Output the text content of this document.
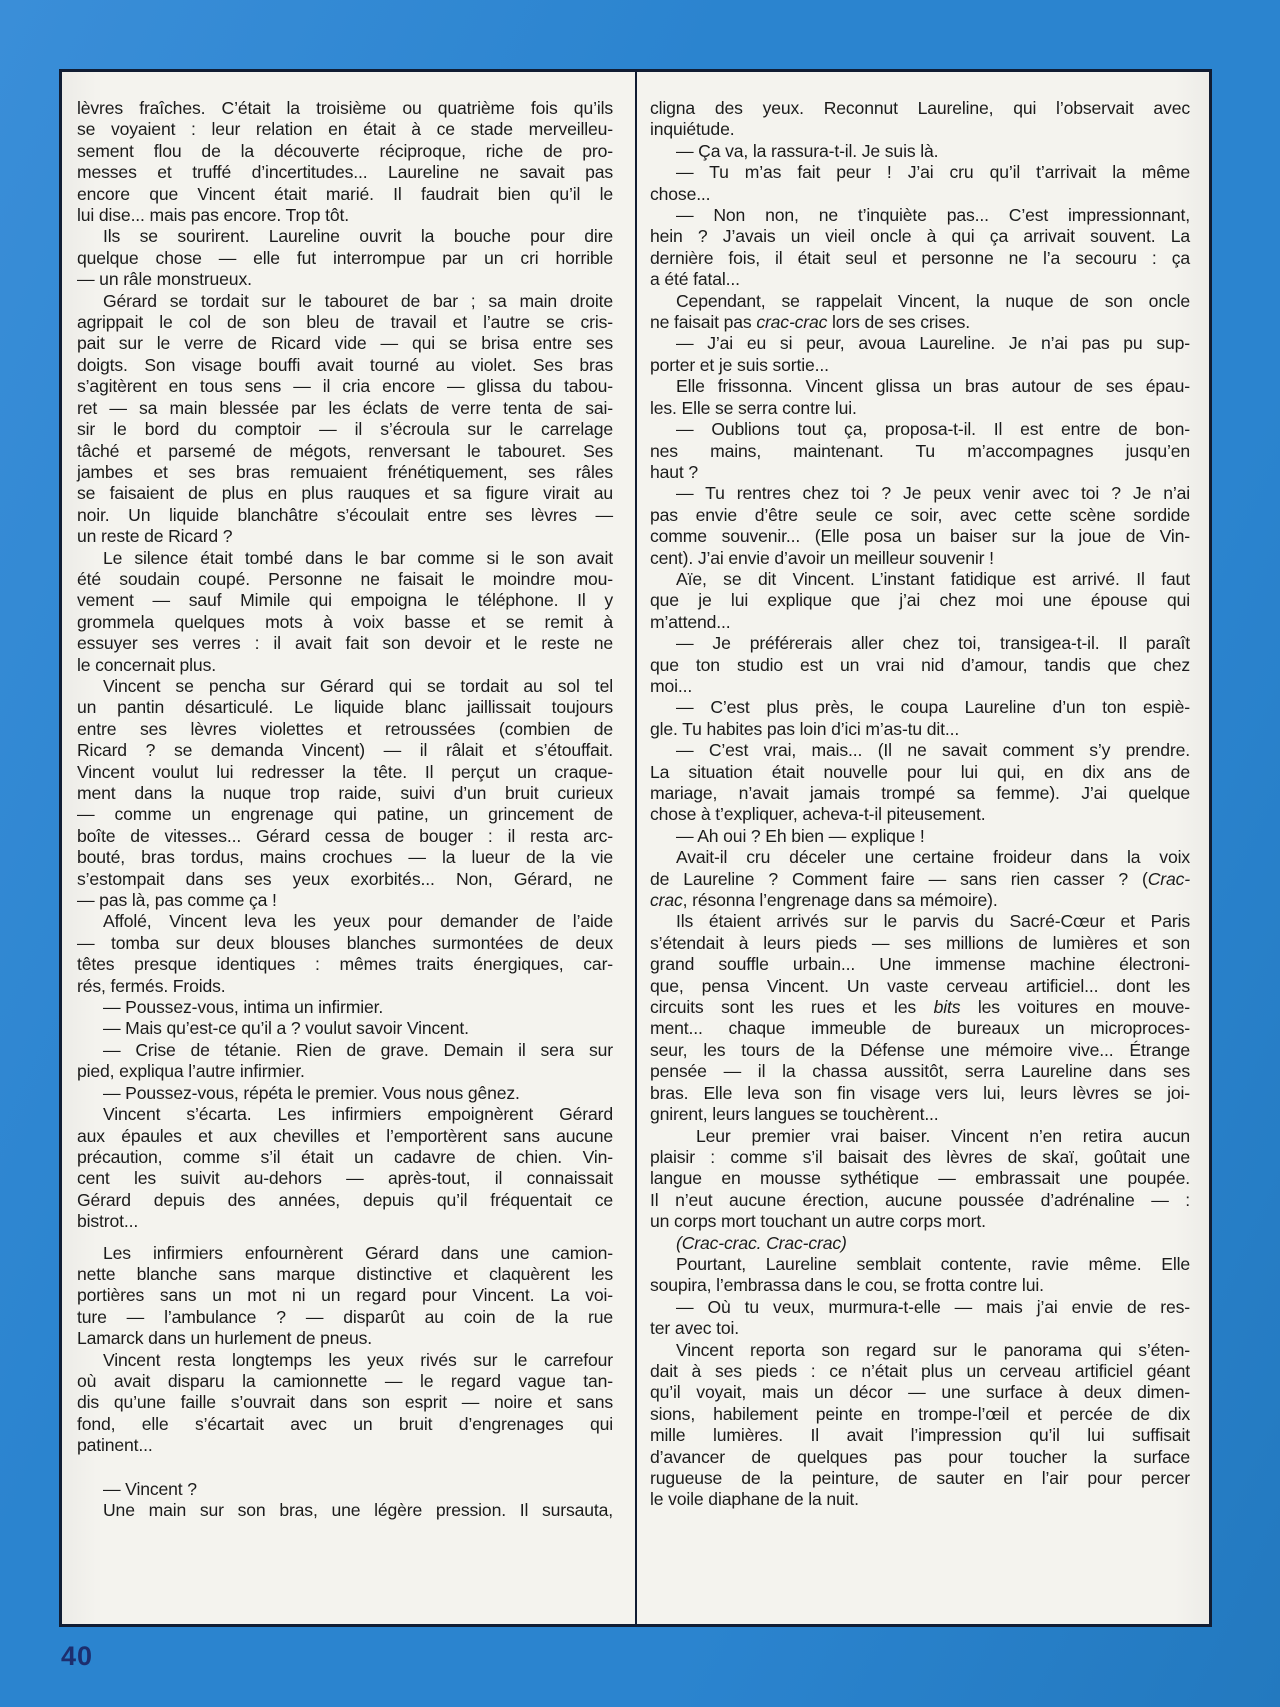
lèvres fraîches. C’était la troisième ou quatrième fois qu’ils
se voyaient : leur relation en était à ce stade merveilleu-
sement flou de la découverte réciproque, riche de pro-
messes et truffé d’incertitudes... Laureline ne savait pas
encore que Vincent était marié. Il faudrait bien qu’il le
lui dise... mais pas encore. Trop tôt.
Ils se sourirent. Laureline ouvrit la bouche pour dire
quelque chose — elle fut interrompue par un cri horrible
— un râle monstrueux.
Gérard se tordait sur le tabouret de bar ; sa main droite
agrippait le col de son bleu de travail et l’autre se cris-
pait sur le verre de Ricard vide — qui se brisa entre ses
doigts. Son visage bouffi avait tourné au violet. Ses bras
s’agitèrent en tous sens — il cria encore — glissa du tabou-
ret — sa main blessée par les éclats de verre tenta de sai-
sir le bord du comptoir — il s’écroula sur le carrelage
tâché et parsemé de mégots, renversant le tabouret. Ses
jambes et ses bras remuaient frénétiquement, ses râles
se faisaient de plus en plus rauques et sa figure virait au
noir. Un liquide blanchâtre s’écoulait entre ses lèvres —
un reste de Ricard ?
Le silence était tombé dans le bar comme si le son avait
été soudain coupé. Personne ne faisait le moindre mou-
vement — sauf Mimile qui empoigna le téléphone. Il y
grommela quelques mots à voix basse et se remit à
essuyer ses verres : il avait fait son devoir et le reste ne
le concernait plus.
Vincent se pencha sur Gérard qui se tordait au sol tel
un pantin désarticulé. Le liquide blanc jaillissait toujours
entre ses lèvres violettes et retroussées (combien de
Ricard ? se demanda Vincent) — il râlait et s’étouffait.
Vincent voulut lui redresser la tête. Il perçut un craque-
ment dans la nuque trop raide, suivi d’un bruit curieux
— comme un engrenage qui patine, un grincement de
boîte de vitesses... Gérard cessa de bouger : il resta arc-
bouté, bras tordus, mains crochues — la lueur de la vie
s’estompait dans ses yeux exorbités... Non, Gérard, ne
— pas là, pas comme ça !
Affolé, Vincent leva les yeux pour demander de l’aide
— tomba sur deux blouses blanches surmontées de deux
têtes presque identiques : mêmes traits énergiques, car-
rés, fermés. Froids.
— Poussez-vous, intima un infirmier.
— Mais qu’est-ce qu’il a ? voulut savoir Vincent.
— Crise de tétanie. Rien de grave. Demain il sera sur
pied, expliqua l’autre infirmier.
— Poussez-vous, répéta le premier. Vous nous gênez.
Vincent s’écarta. Les infirmiers empoignèrent Gérard
aux épaules et aux chevilles et l’emportèrent sans aucune
précaution, comme s’il était un cadavre de chien. Vin-
cent les suivit au-dehors — après-tout, il connaissait
Gérard depuis des années, depuis qu’il fréquentait ce
bistrot...
Les infirmiers enfournèrent Gérard dans une camion-
nette blanche sans marque distinctive et claquèrent les
portières sans un mot ni un regard pour Vincent. La voi-
ture — l’ambulance ? — disparût au coin de la rue
Lamarck dans un hurlement de pneus.
Vincent resta longtemps les yeux rivés sur le carrefour
où avait disparu la camionnette — le regard vague tan-
dis qu’une faille s’ouvrait dans son esprit — noire et sans
fond, elle s’écartait avec un bruit d’engrenages qui
patinent...
— Vincent ?
Une main sur son bras, une légère pression. Il sursauta,
cligna des yeux. Reconnut Laureline, qui l’observait avec
inquiétude.
— Ça va, la rassura-t-il. Je suis là.
— Tu m’as fait peur ! J’ai cru qu’il t’arrivait la même
chose...
— Non non, ne t’inquiète pas... C’est impressionnant,
hein ? J’avais un vieil oncle à qui ça arrivait souvent. La
dernière fois, il était seul et personne ne l’a secouru : ça
a été fatal...
Cependant, se rappelait Vincent, la nuque de son oncle
ne faisait pas crac-crac lors de ses crises.
— J’ai eu si peur, avoua Laureline. Je n’ai pas pu sup-
porter et je suis sortie...
Elle frissonna. Vincent glissa un bras autour de ses épau-
les. Elle se serra contre lui.
— Oublions tout ça, proposa-t-il. Il est entre de bon-
nes mains, maintenant. Tu m’accompagnes jusqu’en
haut ?
— Tu rentres chez toi ? Je peux venir avec toi ? Je n’ai
pas envie d’être seule ce soir, avec cette scène sordide
comme souvenir... (Elle posa un baiser sur la joue de Vin-
cent). J’ai envie d’avoir un meilleur souvenir !
Aïe, se dit Vincent. L’instant fatidique est arrivé. Il faut
que je lui explique que j’ai chez moi une épouse qui
m’attend...
— Je préférerais aller chez toi, transigea-t-il. Il paraît
que ton studio est un vrai nid d’amour, tandis que chez
moi...
— C’est plus près, le coupa Laureline d’un ton espiè-
gle. Tu habites pas loin d’ici m’as-tu dit...
— C’est vrai, mais... (Il ne savait comment s’y prendre.
La situation était nouvelle pour lui qui, en dix ans de
mariage, n’avait jamais trompé sa femme). J’ai quelque
chose à t’expliquer, acheva-t-il piteusement.
— Ah oui ? Eh bien — explique !
Avait-il cru déceler une certaine froideur dans la voix
de Laureline ? Comment faire — sans rien casser ? (Crac-
crac, résonna l’engrenage dans sa mémoire).
Ils étaient arrivés sur le parvis du Sacré-Cœur et Paris
s’étendait à leurs pieds — ses millions de lumières et son
grand souffle urbain... Une immense machine électroni-
que, pensa Vincent. Un vaste cerveau artificiel... dont les
circuits sont les rues et les bits les voitures en mouve-
ment... chaque immeuble de bureaux un microproces-
seur, les tours de la Défense une mémoire vive... Étrange
pensée — il la chassa aussitôt, serra Laureline dans ses
bras. Elle leva son fin visage vers lui, leurs lèvres se joi-
gnirent, leurs langues se touchèrent...
Leur premier vrai baiser. Vincent n’en retira aucun
plaisir : comme s’il baisait des lèvres de skaï, goûtait une
langue en mousse sythétique — embrassait une poupée.
Il n’eut aucune érection, aucune poussée d’adrénaline — :
un corps mort touchant un autre corps mort.
(Crac-crac. Crac-crac)
Pourtant, Laureline semblait contente, ravie même. Elle
soupira, l’embrassa dans le cou, se frotta contre lui.
— Où tu veux, murmura-t-elle — mais j’ai envie de res-
ter avec toi.
Vincent reporta son regard sur le panorama qui s’éten-
dait à ses pieds : ce n’était plus un cerveau artificiel géant
qu’il voyait, mais un décor — une surface à deux dimen-
sions, habilement peinte en trompe-l’œil et percée de dix
mille lumières. Il avait l’impression qu’il lui suffisait
d’avancer de quelques pas pour toucher la surface
rugueuse de la peinture, de sauter en l’air pour percer
le voile diaphane de la nuit.
40
